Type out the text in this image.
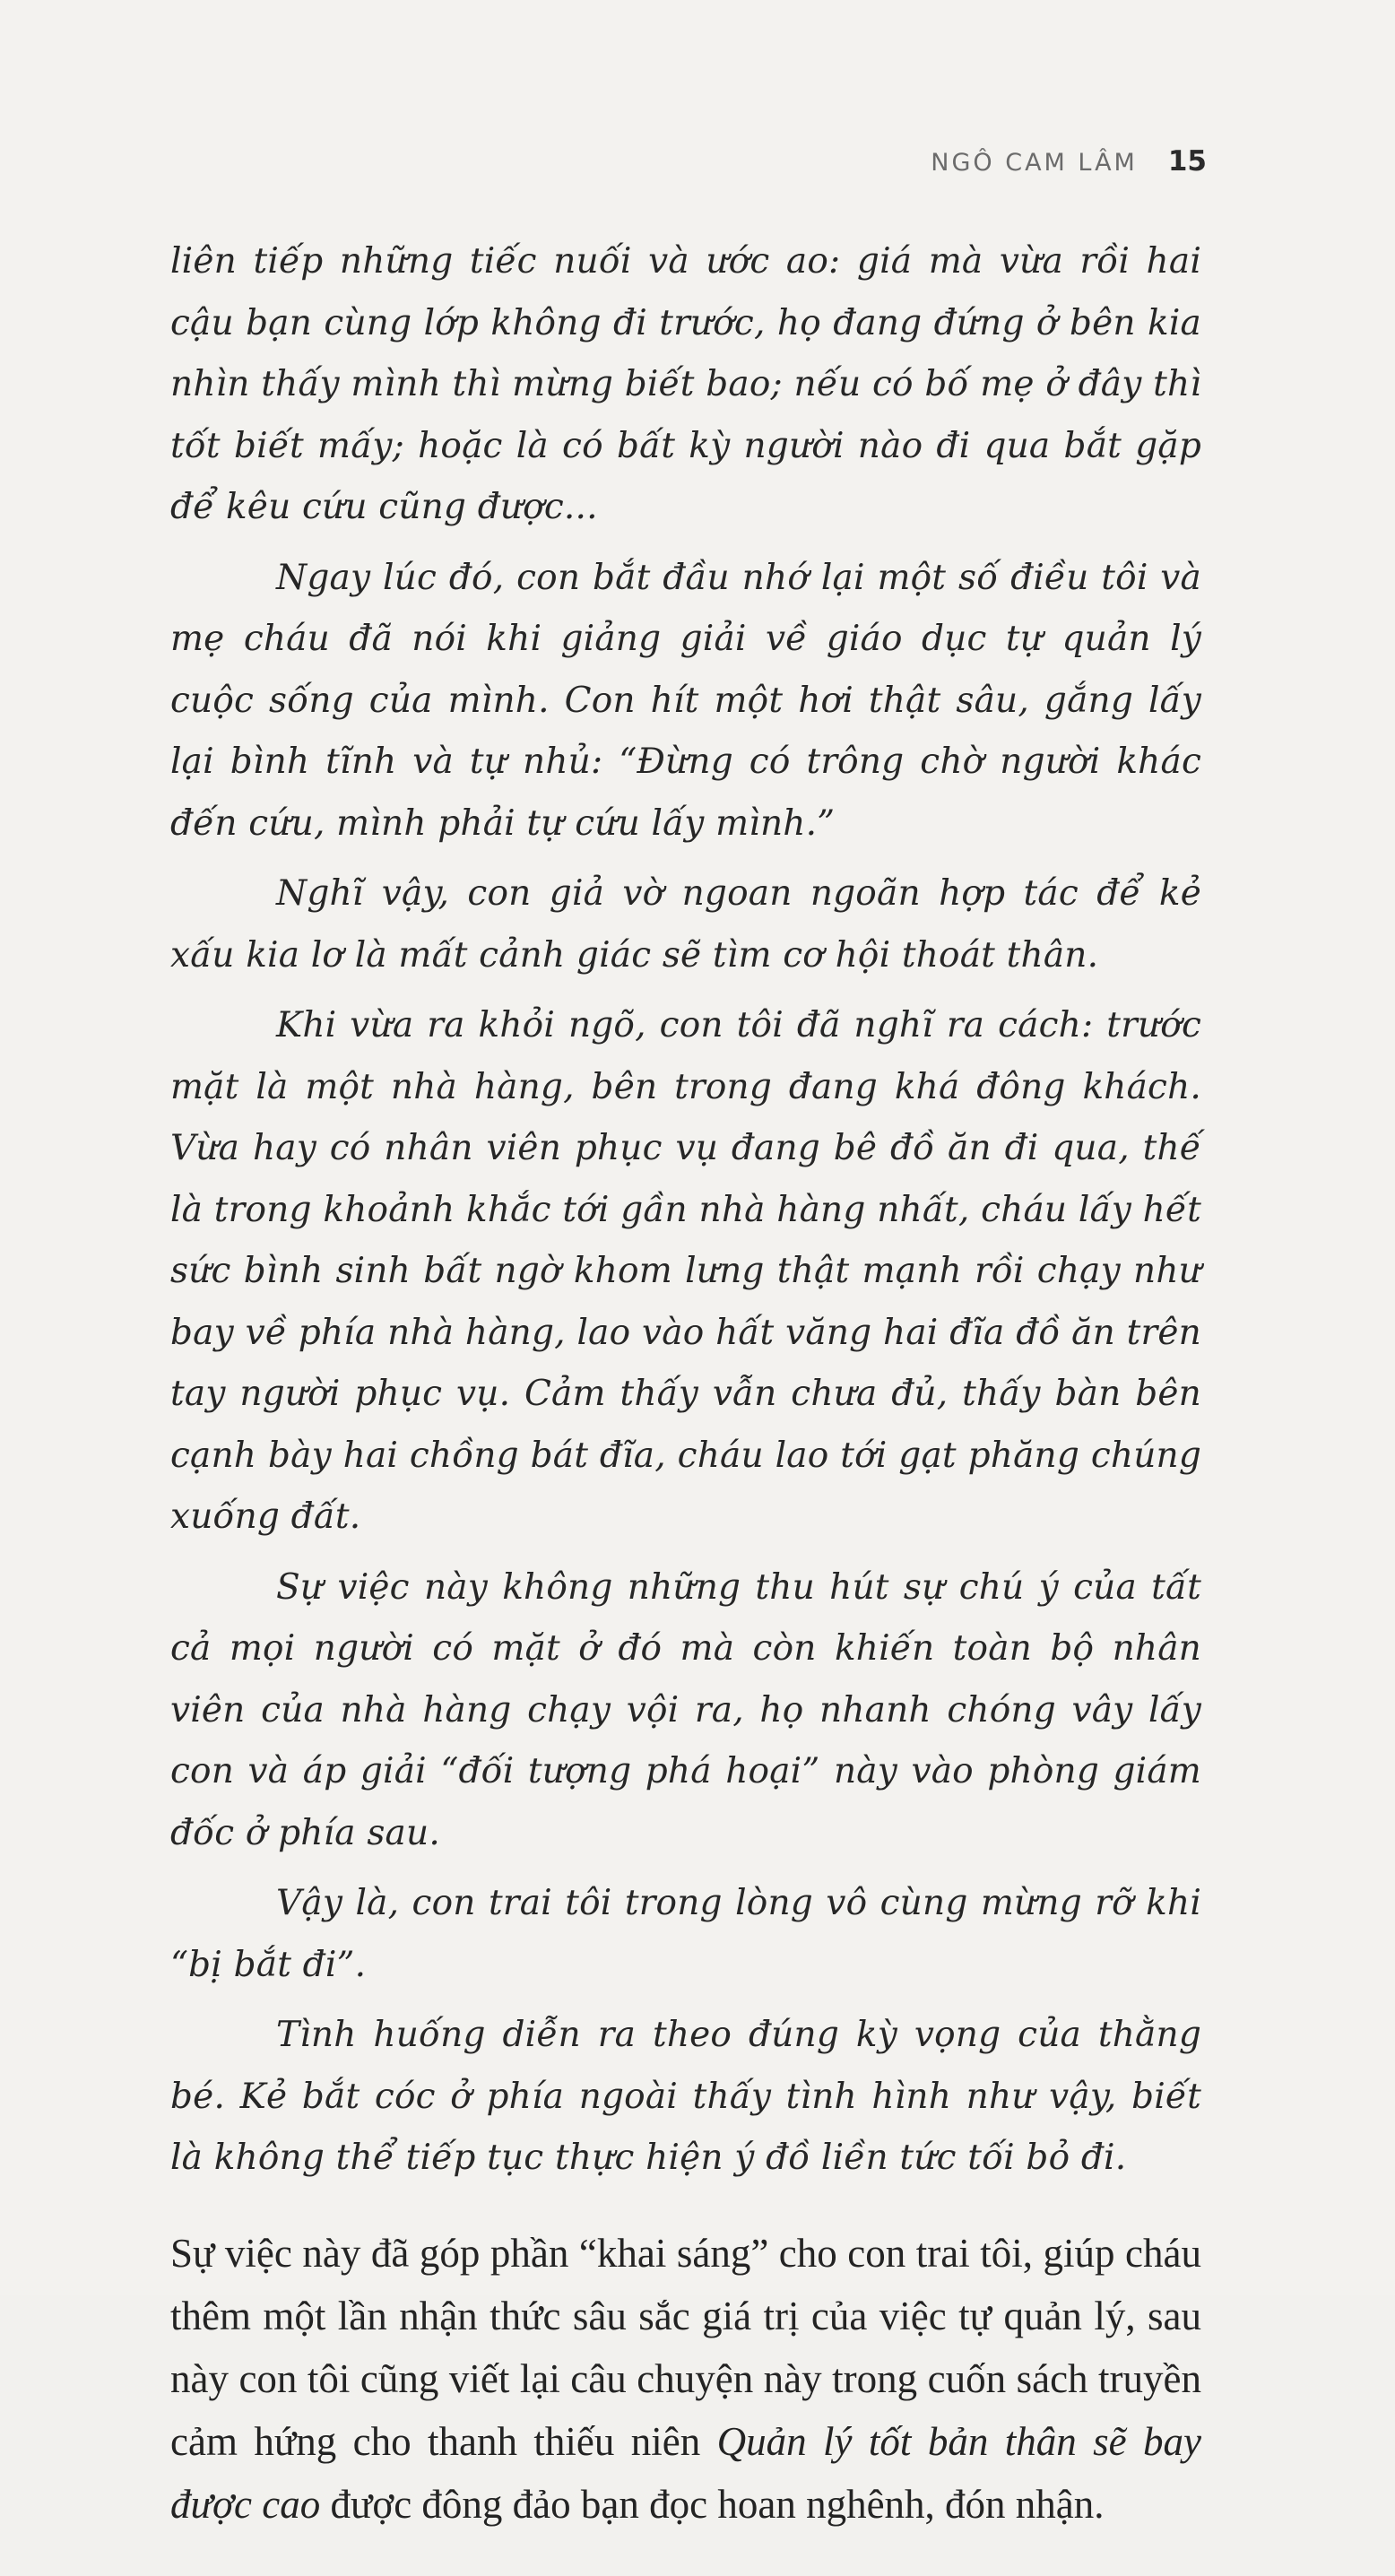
NGÔ CAM LÂM 15

liên tiếp những tiếc nuối và ước ao: giá mà vừa rồi hai cậu bạn cùng lớp không đi trước, họ đang đứng ở bên kia nhìn thấy mình thì mừng biết bao; nếu có bố mẹ ở đây thì tốt biết mấy; hoặc là có bất kỳ người nào đi qua bắt gặp để kêu cứu cũng được...

Ngay lúc đó, con bắt đầu nhớ lại một số điều tôi và mẹ cháu đã nói khi giảng giải về giáo dục tự quản lý cuộc sống của mình. Con hít một hơi thật sâu, gắng lấy lại bình tĩnh và tự nhủ: “Đừng có trông chờ người khác đến cứu, mình phải tự cứu lấy mình.”

Nghĩ vậy, con giả vờ ngoan ngoãn hợp tác để kẻ xấu kia lơ là mất cảnh giác sẽ tìm cơ hội thoát thân.

Khi vừa ra khỏi ngõ, con tôi đã nghĩ ra cách: trước mặt là một nhà hàng, bên trong đang khá đông khách. Vừa hay có nhân viên phục vụ đang bê đồ ăn đi qua, thế là trong khoảnh khắc tới gần nhà hàng nhất, cháu lấy hết sức bình sinh bất ngờ khom lưng thật mạnh rồi chạy như bay về phía nhà hàng, lao vào hất văng hai đĩa đồ ăn trên tay người phục vụ. Cảm thấy vẫn chưa đủ, thấy bàn bên cạnh bày hai chồng bát đĩa, cháu lao tới gạt phăng chúng xuống đất.

Sự việc này không những thu hút sự chú ý của tất cả mọi người có mặt ở đó mà còn khiến toàn bộ nhân viên của nhà hàng chạy vội ra, họ nhanh chóng vây lấy con và áp giải “đối tượng phá hoại” này vào phòng giám đốc ở phía sau.

Vậy là, con trai tôi trong lòng vô cùng mừng rỡ khi “bị bắt đi”.

Tình huống diễn ra theo đúng kỳ vọng của thằng bé. Kẻ bắt cóc ở phía ngoài thấy tình hình như vậy, biết là không thể tiếp tục thực hiện ý đồ liền tức tối bỏ đi.

Sự việc này đã góp phần “khai sáng” cho con trai tôi, giúp cháu thêm một lần nhận thức sâu sắc giá trị của việc tự quản lý, sau này con tôi cũng viết lại câu chuyện này trong cuốn sách truyền cảm hứng cho thanh thiếu niên Quản lý tốt bản thân sẽ bay được cao được đông đảo bạn đọc hoan nghênh, đón nhận.
